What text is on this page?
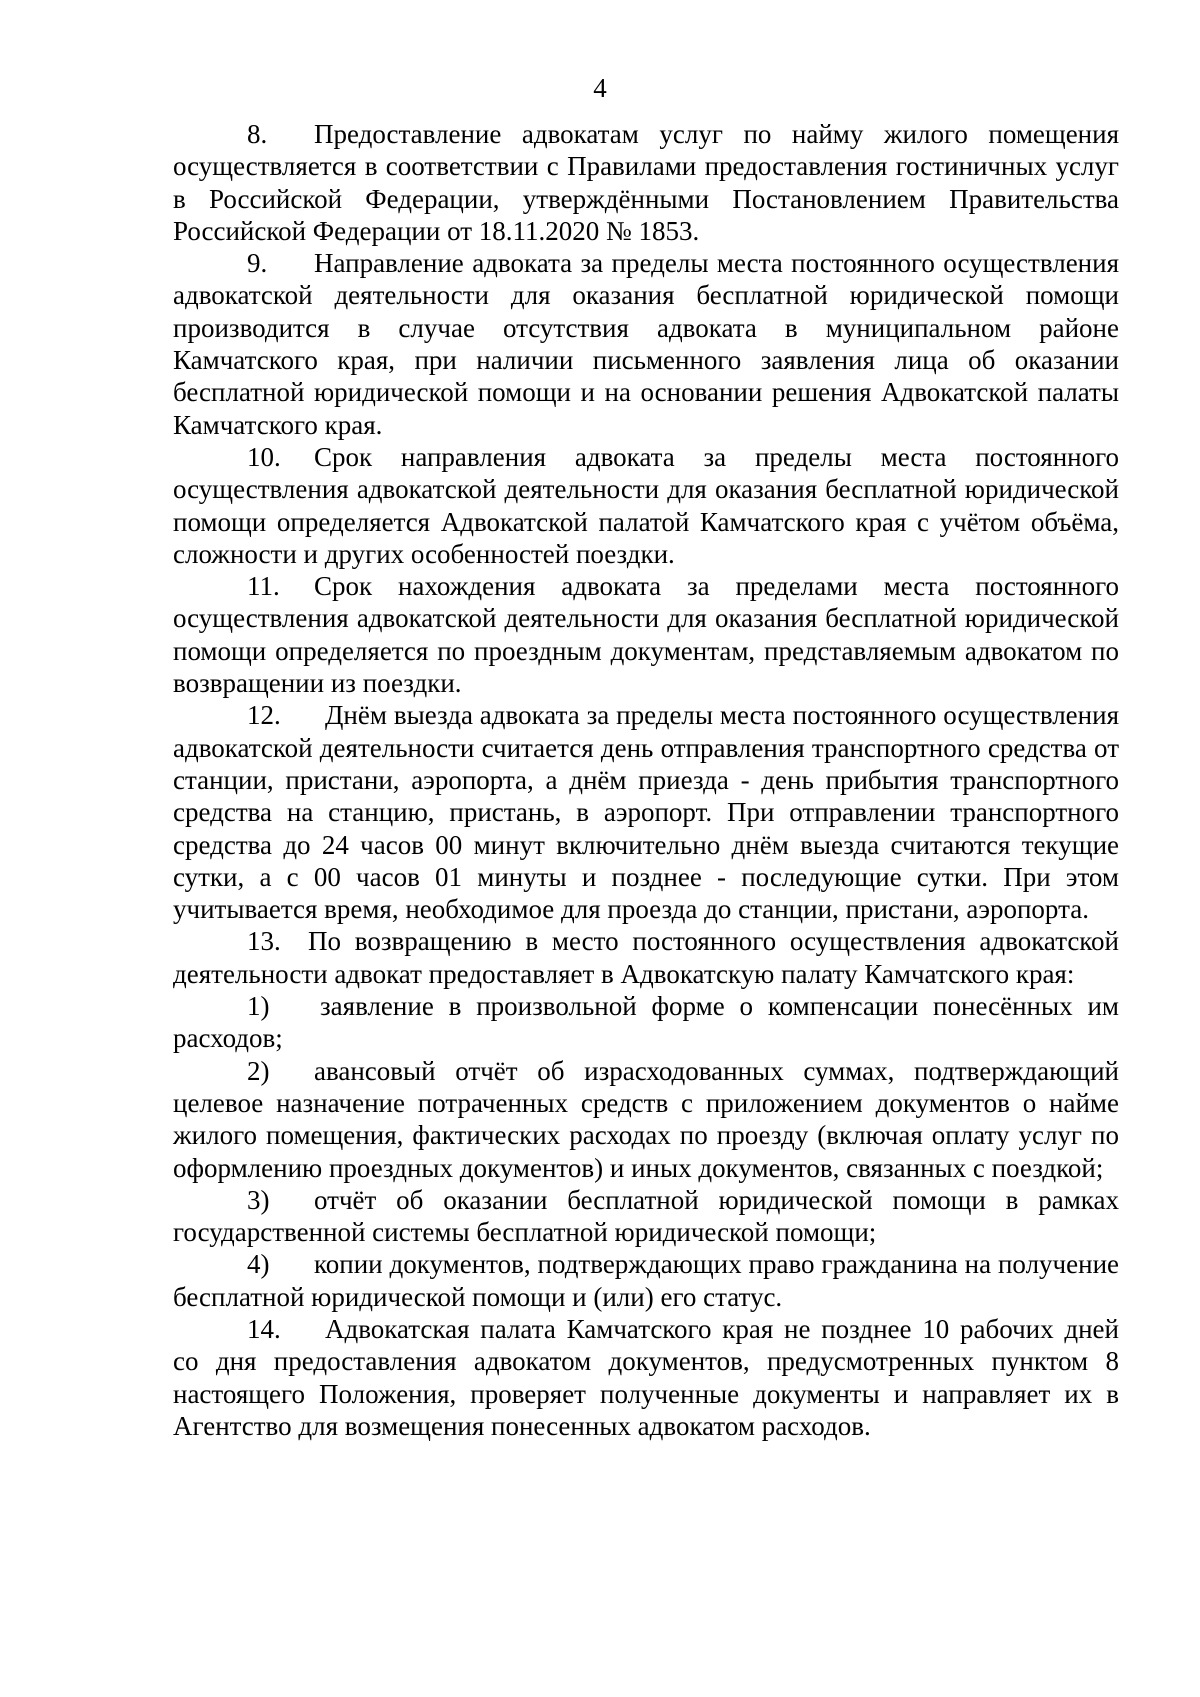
4

8. Предоставление адвокатам услуг по найму жилого помещения осуществляется в соответствии с Правилами предоставления гостиничных услуг в Российской Федерации, утверждёнными Постановлением Правительства Российской Федерации от 18.11.2020 № 1853.

9. Направление адвоката за пределы места постоянного осуществления адвокатской деятельности для оказания бесплатной юридической помощи производится в случае отсутствия адвоката в муниципальном районе Камчатского края, при наличии письменного заявления лица об оказании бесплатной юридической помощи и на основании решения Адвокатской палаты Камчатского края.

10. Срок направления адвоката за пределы места постоянного осуществления адвокатской деятельности для оказания бесплатной юридической помощи определяется Адвокатской палатой Камчатского края с учётом объёма, сложности и других особенностей поездки.

11. Срок нахождения адвоката за пределами места постоянного осуществления адвокатской деятельности для оказания бесплатной юридической помощи определяется по проездным документам, представляемым адвокатом по возвращении из поездки.

12. Днём выезда адвоката за пределы места постоянного осуществления адвокатской деятельности считается день отправления транспортного средства от станции, пристани, аэропорта, а днём приезда - день прибытия транспортного средства на станцию, пристань, в аэропорт. При отправлении транспортного средства до 24 часов 00 минут включительно днём выезда считаются текущие сутки, а с 00 часов 01 минуты и позднее - последующие сутки. При этом учитывается время, необходимое для проезда до станции, пристани, аэропорта.

13. По возвращению в место постоянного осуществления адвокатской деятельности адвокат предоставляет в Адвокатскую палату Камчатского края:

1) заявление в произвольной форме о компенсации понесённых им расходов;

2) авансовый отчёт об израсходованных суммах, подтверждающий целевое назначение потраченных средств с приложением документов о найме жилого помещения, фактических расходах по проезду (включая оплату услуг по оформлению проездных документов) и иных документов, связанных с поездкой;

3) отчёт об оказании бесплатной юридической помощи в рамках государственной системы бесплатной юридической помощи;

4) копии документов, подтверждающих право гражданина на получение бесплатной юридической помощи и (или) его статус.

14. Адвокатская палата Камчатского края не позднее 10 рабочих дней со дня предоставления адвокатом документов, предусмотренных пунктом 8 настоящего Положения, проверяет полученные документы и направляет их в Агентство для возмещения понесенных адвокатом расходов.
